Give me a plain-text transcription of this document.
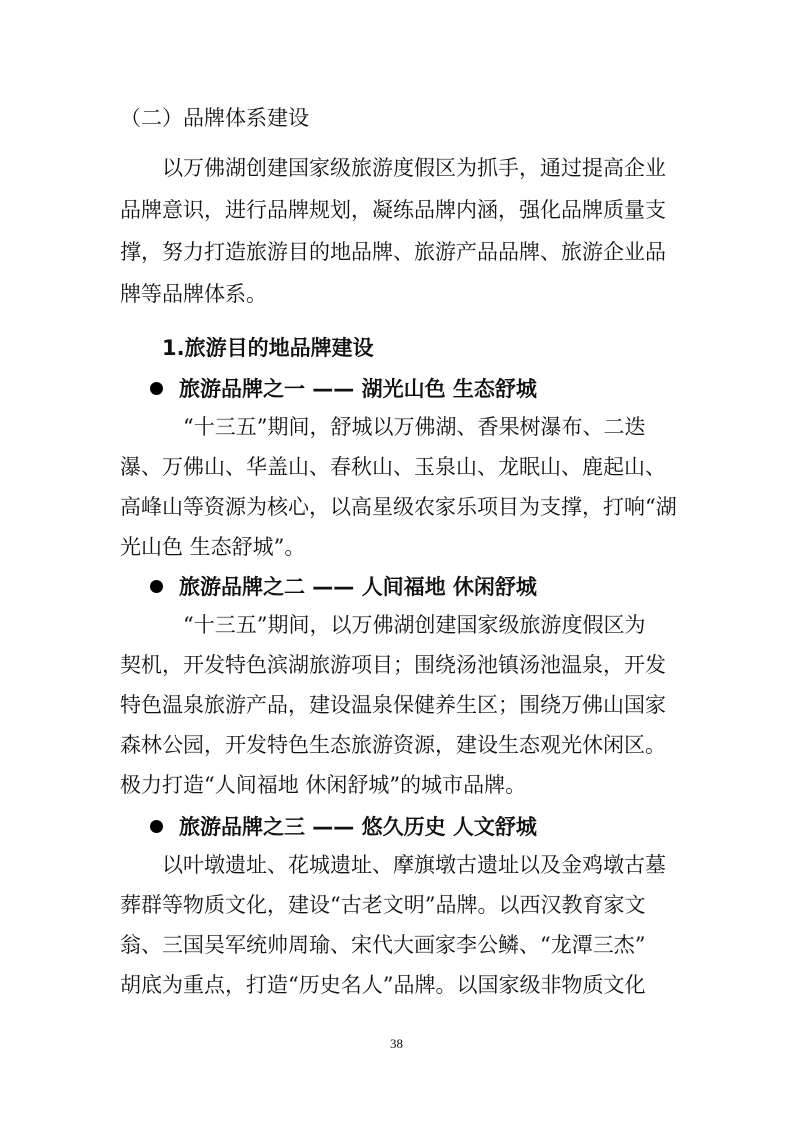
（二）品牌体系建设
以万佛湖创建国家级旅游度假区为抓手，通过提高企业
品牌意识，进行品牌规划，凝练品牌内涵，强化品牌质量支
撑，努力打造旅游目的地品牌、旅游产品品牌、旅游企业品
牌等品牌体系。
1.旅游目的地品牌建设
旅游品牌之一 —— 湖光山色 生态舒城
“十三五”期间，舒城以万佛湖、香果树瀑布、二迭
瀑、万佛山、华盖山、春秋山、玉泉山、龙眠山、鹿起山、
高峰山等资源为核心，以高星级农家乐项目为支撑，打响“湖
光山色 生态舒城”。
旅游品牌之二 —— 人间福地 休闲舒城
“十三五”期间，以万佛湖创建国家级旅游度假区为
契机，开发特色滨湖旅游项目；围绕汤池镇汤池温泉，开发
特色温泉旅游产品，建设温泉保健养生区；围绕万佛山国家
森林公园，开发特色生态旅游资源，建设生态观光休闲区。
极力打造“人间福地 休闲舒城”的城市品牌。
旅游品牌之三 —— 悠久历史 人文舒城
以叶墩遗址、花城遗址、摩旗墩古遗址以及金鸡墩古墓
葬群等物质文化，建设“古老文明”品牌。以西汉教育家文
翁、三国吴军统帅周瑜、宋代大画家李公鳞、“龙潭三杰”
胡底为重点，打造“历史名人”品牌。以国家级非物质文化
38
